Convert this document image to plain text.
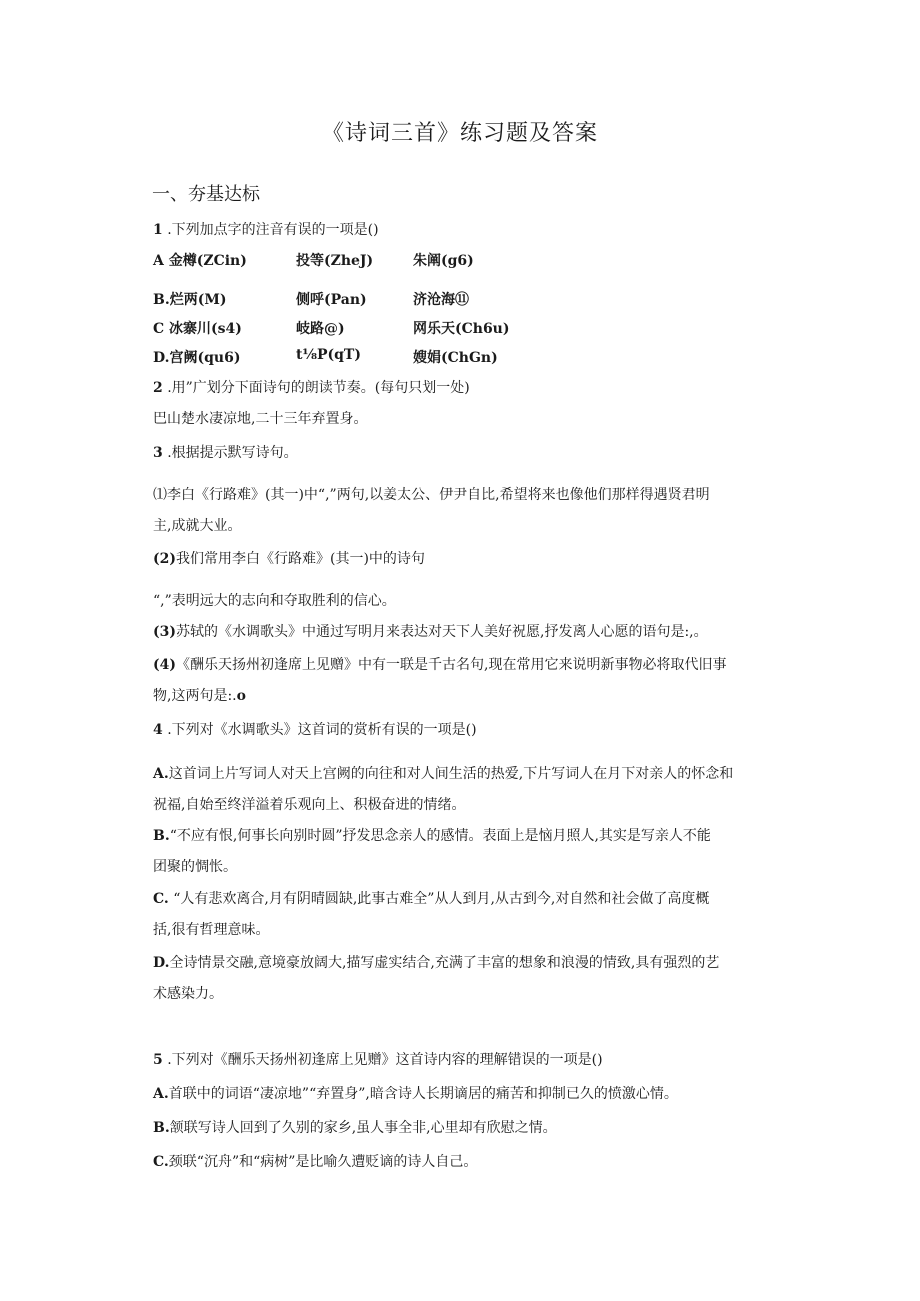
《诗词三首》练习题及答案
一、夯基达标
1 .下列加点字的注音有误的一项是()
A 金樽(ZCin)	投等(ZheJ)	朱阐(g6)
B.烂两(M)	侧呼(Pan)	济沧海⑪
C 冰寨川(s4)	岐路@)	网乐天(Ch6u)
D.宫阙(qu6)	t⅛P(qT)	嫂娟(ChGn)
2 .用”广划分下面诗句的朗读节奏。(每句只划一处)
巴山楚水凄凉地,二十三年弃置身。
3 .根据提示默写诗句。
⑴李白《行路难》(其一)中“,”两句,以姜太公、伊尹自比,希望将来也像他们那样得遇贤君明
主,成就大业。
(2)我们常用李白《行路难》(其一)中的诗句
“,”表明远大的志向和夺取胜利的信心。
(3)苏轼的《水调歌头》中通过写明月来表达对天下人美好祝愿,抒发离人心愿的语句是:,。
(4)《酬乐天扬州初逢席上见赠》中有一联是千古名句,现在常用它来说明新事物必将取代旧事
物,这两句是:.o
4 .下列对《水调歌头》这首词的赏析有误的一项是()
A.这首词上片写词人对天上宫阙的向往和对人间生活的热爱,下片写词人在月下对亲人的怀念和
祝福,自始至终洋溢着乐观向上、积极奋进的情绪。
B.“不应有恨,何事长向别时圆”抒发思念亲人的感情。表面上是恼月照人,其实是写亲人不能
团聚的惆怅。
C. “人有悲欢离合,月有阴晴圆缺,此事古难全”从人到月,从古到今,对自然和社会做了高度概
括,很有哲理意味。
D.全诗情景交融,意境豪放阔大,描写虚实结合,充满了丰富的想象和浪漫的情致,具有强烈的艺
术感染力。
5 .下列对《酬乐天扬州初逢席上见赠》这首诗内容的理解错误的一项是()
A.首联中的词语“凄凉地”“弃置身”,暗含诗人长期谪居的痛苦和抑制已久的愤激心情。
B.颔联写诗人回到了久别的家乡,虽人事全非,心里却有欣慰之情。
C.颈联“沉舟”和“病树”是比喻久遭贬谪的诗人自己。
